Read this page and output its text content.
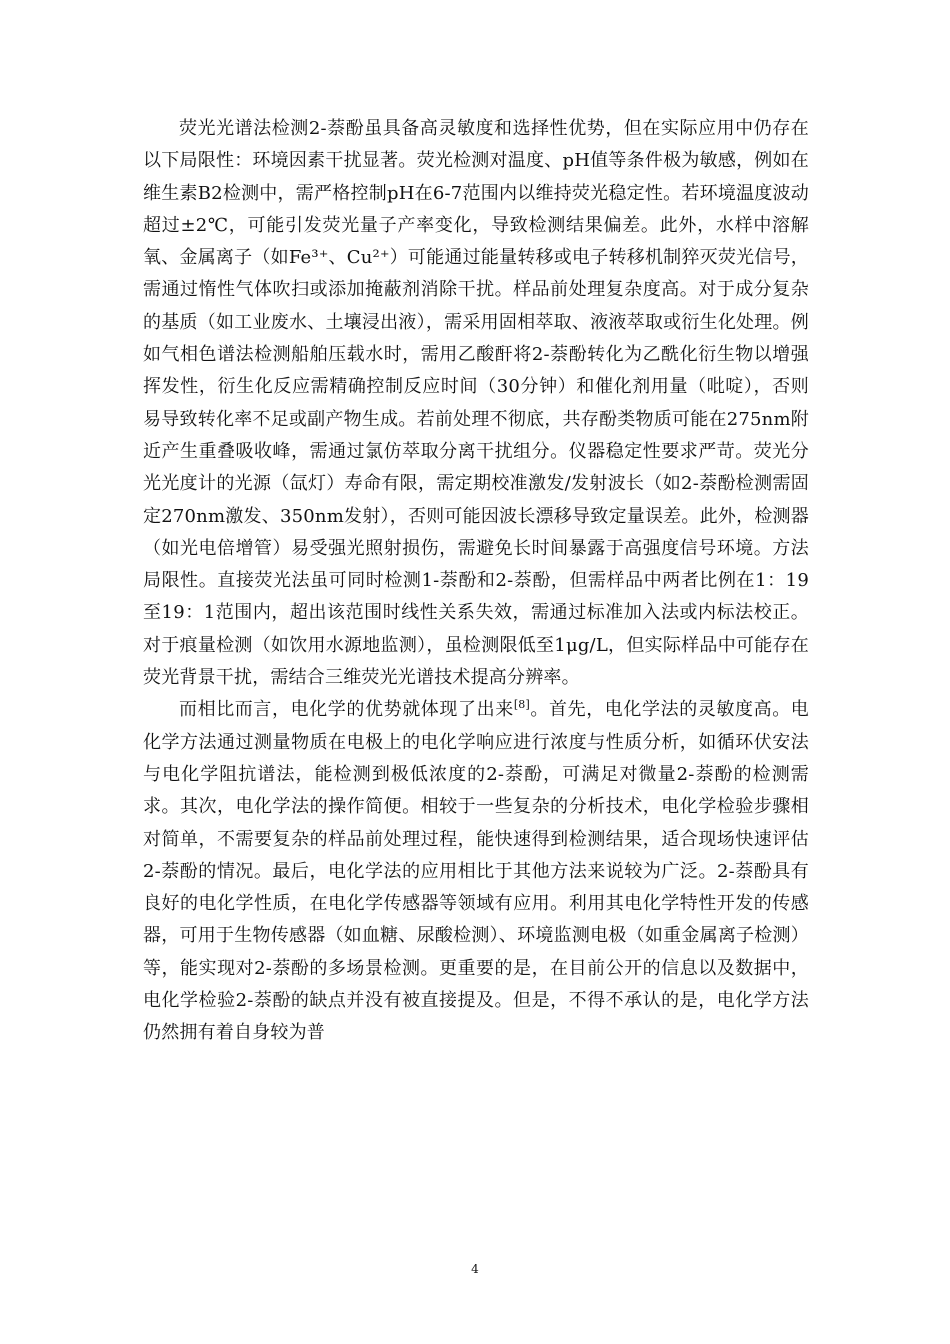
荧光光谱法检测2-萘酚虽具备高灵敏度和选择性优势，但在实际应用中仍存在以下局限性：环境因素干扰显著。荧光检测对温度、pH值等条件极为敏感，例如在维生素B2检测中，需严格控制pH在6-7范围内以维持荧光稳定性。若环境温度波动超过±2℃，可能引发荧光量子产率变化，导致检测结果偏差。此外，水样中溶解氧、金属离子（如Fe³⁺、Cu²⁺）可能通过能量转移或电子转移机制猝灭荧光信号，需通过惰性气体吹扫或添加掩蔽剂消除干扰。样品前处理复杂度高。对于成分复杂的基质（如工业废水、土壤浸出液），需采用固相萃取、液液萃取或衍生化处理。例如气相色谱法检测船舶压载水时，需用乙酸酐将2-萘酚转化为乙酰化衍生物以增强挥发性，衍生化反应需精确控制反应时间（30分钟）和催化剂用量（吡啶），否则易导致转化率不足或副产物生成。若前处理不彻底，共存酚类物质可能在275nm附近产生重叠吸收峰，需通过氯仿萃取分离干扰组分。仪器稳定性要求严苛。荧光分光光度计的光源（氙灯）寿命有限，需定期校准激发/发射波长（如2-萘酚检测需固定270nm激发、350nm发射），否则可能因波长漂移导致定量误差。此外，检测器（如光电倍增管）易受强光照射损伤，需避免长时间暴露于高强度信号环境。方法局限性。直接荧光法虽可同时检测1-萘酚和2-萘酚，但需样品中两者比例在1：19至19：1范围内，超出该范围时线性关系失效，需通过标准加入法或内标法校正。对于痕量检测（如饮用水源地监测），虽检测限低至1μg/L，但实际样品中可能存在荧光背景干扰，需结合三维荧光光谱技术提高分辨率。

而相比而言，电化学的优势就体现了出来[8]。首先，电化学法的灵敏度高。电化学方法通过测量物质在电极上的电化学响应进行浓度与性质分析，如循环伏安法与电化学阻抗谱法，能检测到极低浓度的2-萘酚，可满足对微量2-萘酚的检测需求。其次，电化学法的操作简便。相较于一些复杂的分析技术，电化学检验步骤相对简单，不需要复杂的样品前处理过程，能快速得到检测结果，适合现场快速评估2-萘酚的情况。最后，电化学法的应用相比于其他方法来说较为广泛。2-萘酚具有良好的电化学性质，在电化学传感器等领域有应用。利用其电化学特性开发的传感器，可用于生物传感器（如血糖、尿酸检测）、环境监测电极（如重金属离子检测）等，能实现对2-萘酚的多场景检测。更重要的是，在目前公开的信息以及数据中，电化学检验2-萘酚的缺点并没有被直接提及。但是，不得不承认的是，电化学方法仍然拥有着自身较为普

4
